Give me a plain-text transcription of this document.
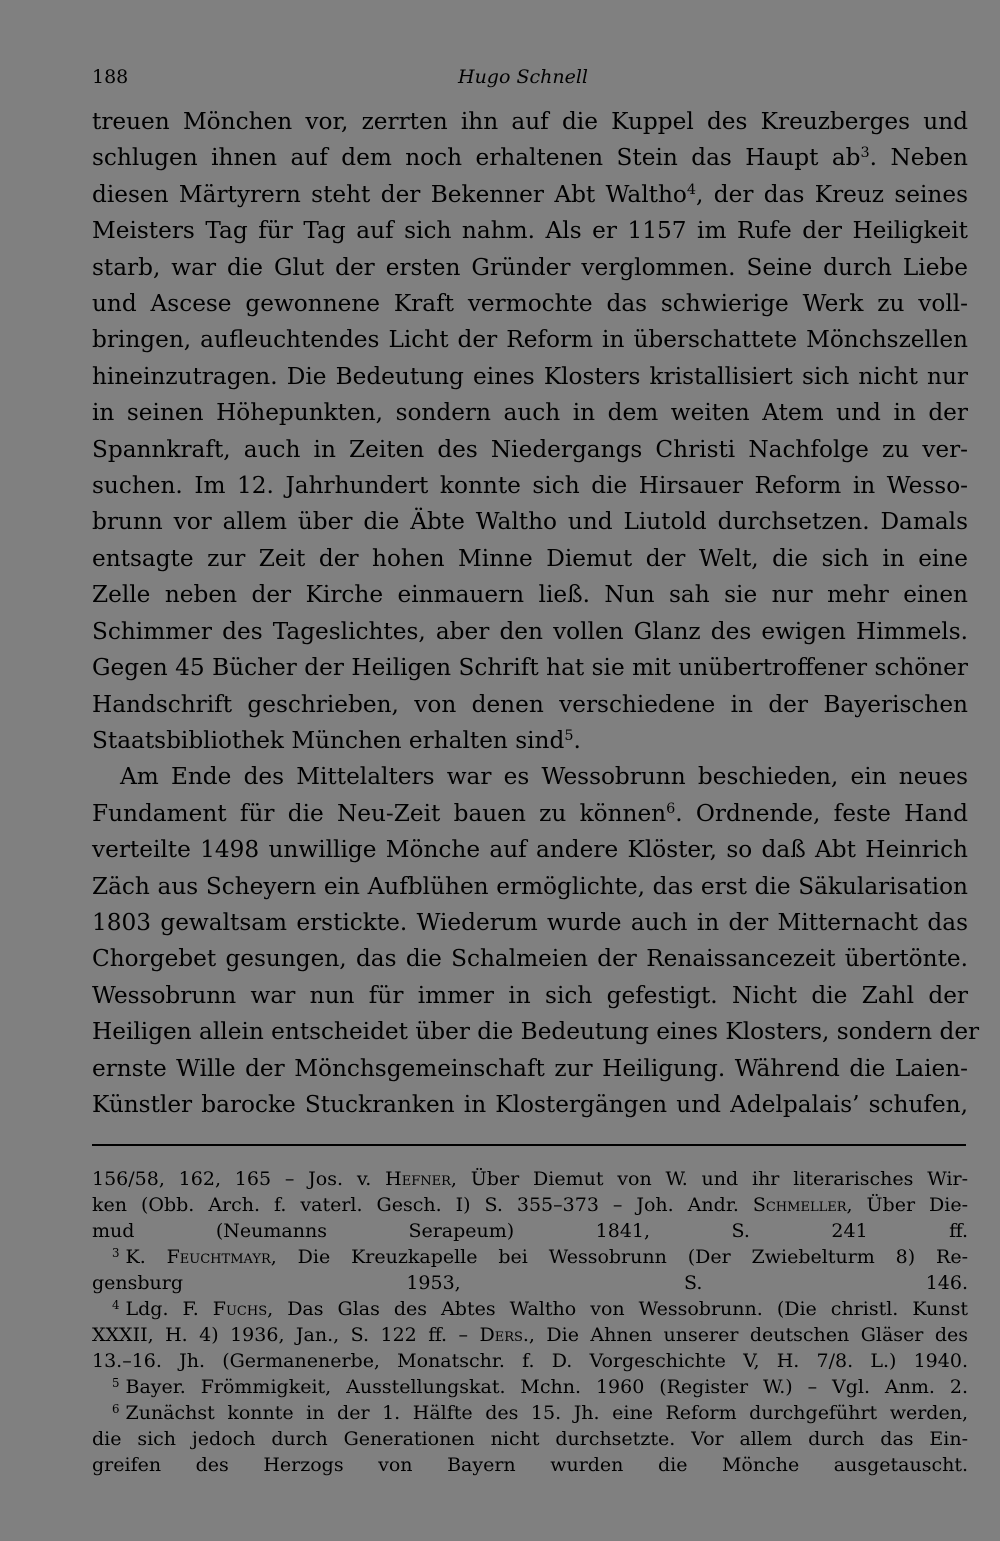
188	Hugo Schnell

treuen Mönchen vor, zerrten ihn auf die Kuppel des Kreuzberges und
schlugen ihnen auf dem noch erhaltenen Stein das Haupt $ab^3$. Neben
diesen Märtyrern steht der Bekenner Abt Waltho$^4$, der das Kreuz seines
Meisters Tag für Tag auf sich nahm. Als er 1157 im Rufe der Heiligkeit
starb, war die Glut der ersten Gründer verglommen. Seine durch Liebe
und Ascese gewonnene Kraft vermochte das schwierige Werk zu voll-
bringen, aufleuchtendes Licht der Reform in überschattete Mönchszellen
hineinzutragen. Die Bedeutung eines Klosters kristallisiert sich nicht nur
in seinen Höhepunkten, sondern auch in dem weiten Atem und in der
Spannkraft, auch in Zeiten des Niedergangs Christi Nachfolge zu ver-
suchen. Im 12. Jahrhundert konnte sich die Hirsauer Reform in Wesso-
brunn vor allem über die Äbte Waltho und Liutold durchsetzen. Damals
entsagte zur Zeit der hohen Minne Diemut der Welt, die sich in eine
Zelle neben der Kirche einmauern ließ. Nun sah sie nur mehr einen
Schimmer des Tageslichtes, aber den vollen Glanz des ewigen Himmels.
Gegen 45 Bücher der Heiligen Schrift hat sie mit unübertroffener schöner
Handschrift geschrieben, von denen verschiedene in der Bayerischen
Staatsbibliothek München erhalten sind$^5$.

Am Ende des Mittelalters war es Wessobrunn beschieden, ein neues
Fundament für die Neu-Zeit bauen zu können$^6$. Ordnende, feste Hand
verteilte 1498 unwillige Mönche auf andere Klöster, so daß Abt Heinrich
Zäch aus Scheyern ein Aufblühen ermöglichte, das erst die Säkularisation
1803 gewaltsam erstickte. Wiederum wurde auch in der Mitternacht das
Chorgebet gesungen, das die Schalmeien der Renaissancezeit übertönte.
Wessobrunn war nun für immer in sich gefestigt. Nicht die Zahl der
Heiligen allein entscheidet über die Bedeutung eines Klosters, sondern der
ernste Wille der Mönchsgemeinschaft zur Heiligung. Während die Laien-
Künstler barocke Stuckranken in Klostergängen und Adelpalais’ schufen,

156/58, 162, 165 – Jos. v. Hefner, Über Diemut von W. und ihr literarisches Wir-
ken (Obb. Arch. f. vaterl. Gesch. I) S. 355–373 – Joh. Andr. Schmeller, Über Die-
mud (Neumanns Serapeum) 1841, S. 241 ff.
$^3$ K. Feuchtmayr, Die Kreuzkapelle bei Wessobrunn (Der Zwiebelturm 8) Re-
gensburg 1953, S. 146.
$^4$ Ldg. F. Fuchs, Das Glas des Abtes Waltho von Wessobrunn. (Die christl. Kunst
XXXII, H. 4) 1936, Jan., S. 122 ff. – Ders., Die Ahnen unserer deutschen Gläser des
13.–16. Jh. (Germanenerbe, Monatschr. f. D. Vorgeschichte V, H. 7/8. L.) 1940.
$^5$ Bayer. Frömmigkeit, Ausstellungskat. Mchn. 1960 (Register W.) – Vgl. Anm. 2.
$^6$ Zunächst konnte in der 1. Hälfte des 15. Jh. eine Reform durchgeführt werden,
die sich jedoch durch Generationen nicht durchsetzte. Vor allem durch das Ein-
greifen des Herzogs von Bayern wurden die Mönche ausgetauscht.
